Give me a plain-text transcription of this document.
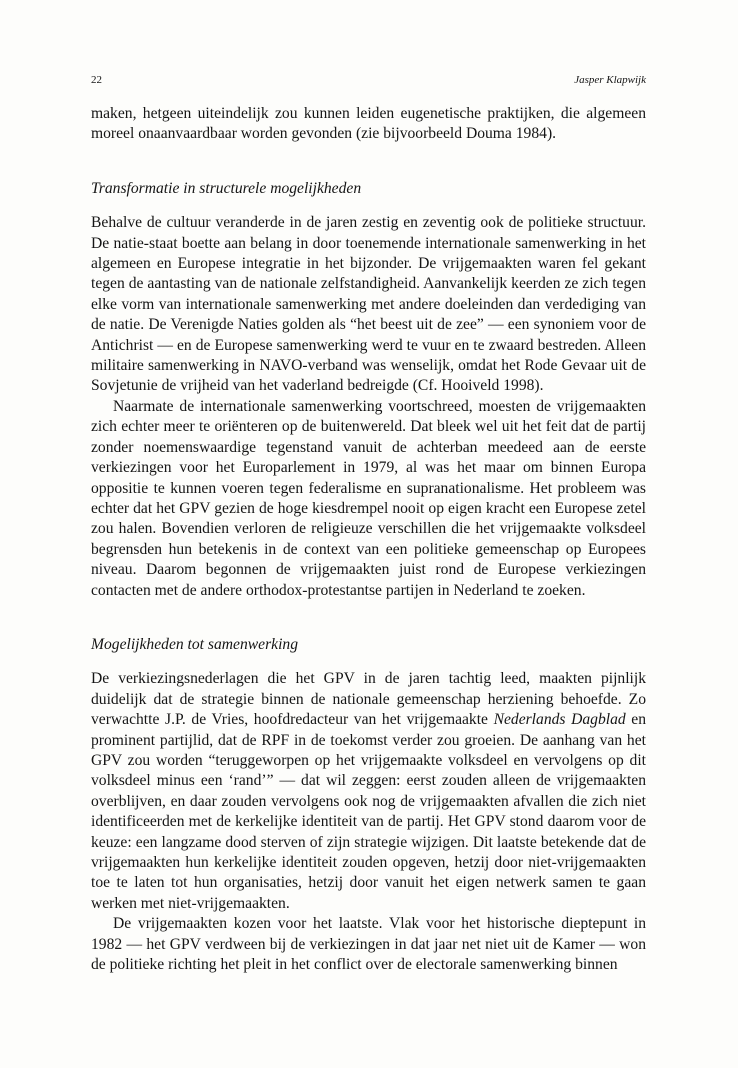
22	Jasper Klapwijk

maken, hetgeen uiteindelijk zou kunnen leiden eugenetische praktijken, die algemeen moreel onaanvaardbaar worden gevonden (zie bijvoorbeeld Douma 1984).

Transformatie in structurele mogelijkheden

Behalve de cultuur veranderde in de jaren zestig en zeventig ook de politieke structuur. De natie-staat boette aan belang in door toenemende internationale samenwerking in het algemeen en Europese integratie in het bijzonder. De vrijgemaakten waren fel gekant tegen de aantasting van de nationale zelfstandigheid. Aanvankelijk keerden ze zich tegen elke vorm van internationale samenwerking met andere doeleinden dan verdediging van de natie. De Verenigde Naties golden als “het beest uit de zee” — een synoniem voor de Antichrist — en de Europese samenwerking werd te vuur en te zwaard bestreden. Alleen militaire samenwerking in NAVO-verband was wenselijk, omdat het Rode Gevaar uit de Sovjetunie de vrijheid van het vaderland bedreigde (Cf. Hooiveld 1998).

Naarmate de internationale samenwerking voortschreed, moesten de vrijgemaakten zich echter meer te oriënteren op de buitenwereld. Dat bleek wel uit het feit dat de partij zonder noemenswaardige tegenstand vanuit de achterban meedeed aan de eerste verkiezingen voor het Europarlement in 1979, al was het maar om binnen Europa oppositie te kunnen voeren tegen federalisme en supranationalisme. Het probleem was echter dat het GPV gezien de hoge kiesdrempel nooit op eigen kracht een Europese zetel zou halen. Bovendien verloren de religieuze verschillen die het vrijgemaakte volksdeel begrensden hun betekenis in de context van een politieke gemeenschap op Europees niveau. Daarom begonnen de vrijgemaakten juist rond de Europese verkiezingen contacten met de andere orthodox-protestantse partijen in Nederland te zoeken.

Mogelijkheden tot samenwerking

De verkiezingsnederlagen die het GPV in de jaren tachtig leed, maakten pijnlijk duidelijk dat de strategie binnen de nationale gemeenschap herziening behoefde. Zo verwachtte J.P. de Vries, hoofdredacteur van het vrijgemaakte Nederlands Dagblad en prominent partijlid, dat de RPF in de toekomst verder zou groeien. De aanhang van het GPV zou worden “teruggeworpen op het vrijgemaakte volksdeel en vervolgens op dit volksdeel minus een ‘rand’” — dat wil zeggen: eerst zouden alleen de vrijgemaakten overblijven, en daar zouden vervolgens ook nog de vrijgemaakten afvallen die zich niet identificeerden met de kerkelijke identiteit van de partij. Het GPV stond daarom voor de keuze: een langzame dood sterven of zijn strategie wijzigen. Dit laatste betekende dat de vrijgemaakten hun kerkelijke identiteit zouden opgeven, hetzij door niet-vrijgemaakten toe te laten tot hun organisaties, hetzij door vanuit het eigen netwerk samen te gaan werken met niet-vrijgemaakten.

De vrijgemaakten kozen voor het laatste. Vlak voor het historische dieptepunt in 1982 — het GPV verdween bij de verkiezingen in dat jaar net niet uit de Kamer — won de politieke richting het pleit in het conflict over de electorale samenwerking binnen
